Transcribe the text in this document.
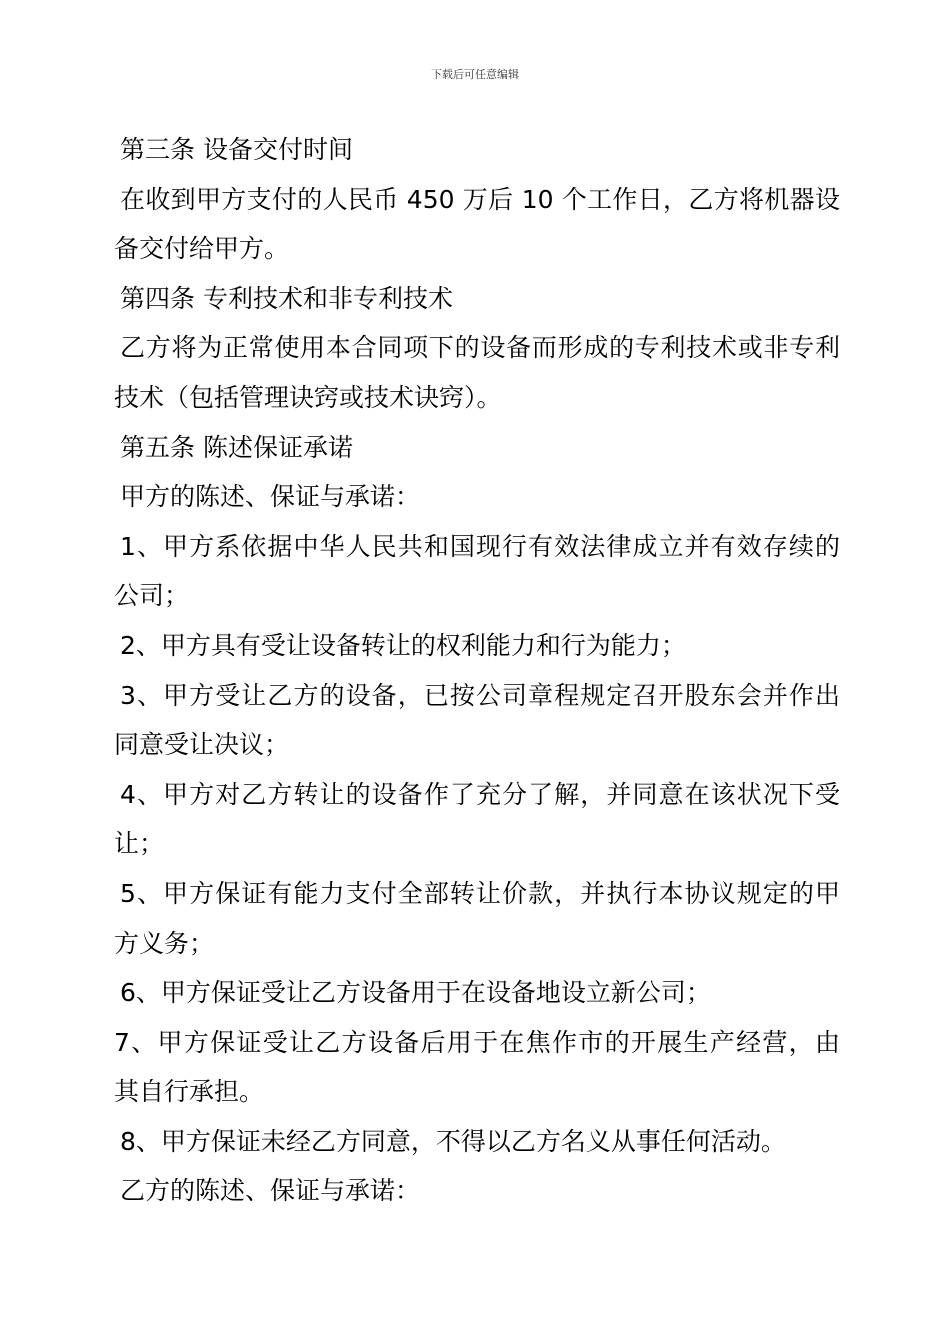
下载后可任意编辑
第三条 设备交付时间
在收到甲方支付的人民币 450 万后 10 个工作日，乙方将机器设
备交付给甲方。
第四条 专利技术和非专利技术
乙方将为正常使用本合同项下的设备而形成的专利技术或非专利
技术（包括管理诀窍或技术诀窍）。
第五条 陈述保证承诺
甲方的陈述、保证与承诺：
1、甲方系依据中华人民共和国现行有效法律成立并有效存续的
公司；
2、甲方具有受让设备转让的权利能力和行为能力；
3、甲方受让乙方的设备，已按公司章程规定召开股东会并作出
同意受让决议；
4、甲方对乙方转让的设备作了充分了解，并同意在该状况下受
让；
5、甲方保证有能力支付全部转让价款，并执行本协议规定的甲
方义务；
6、甲方保证受让乙方设备用于在设备地设立新公司；
7、甲方保证受让乙方设备后用于在焦作市的开展生产经营，由
其自行承担。
8、甲方保证未经乙方同意，不得以乙方名义从事任何活动。
乙方的陈述、保证与承诺：
